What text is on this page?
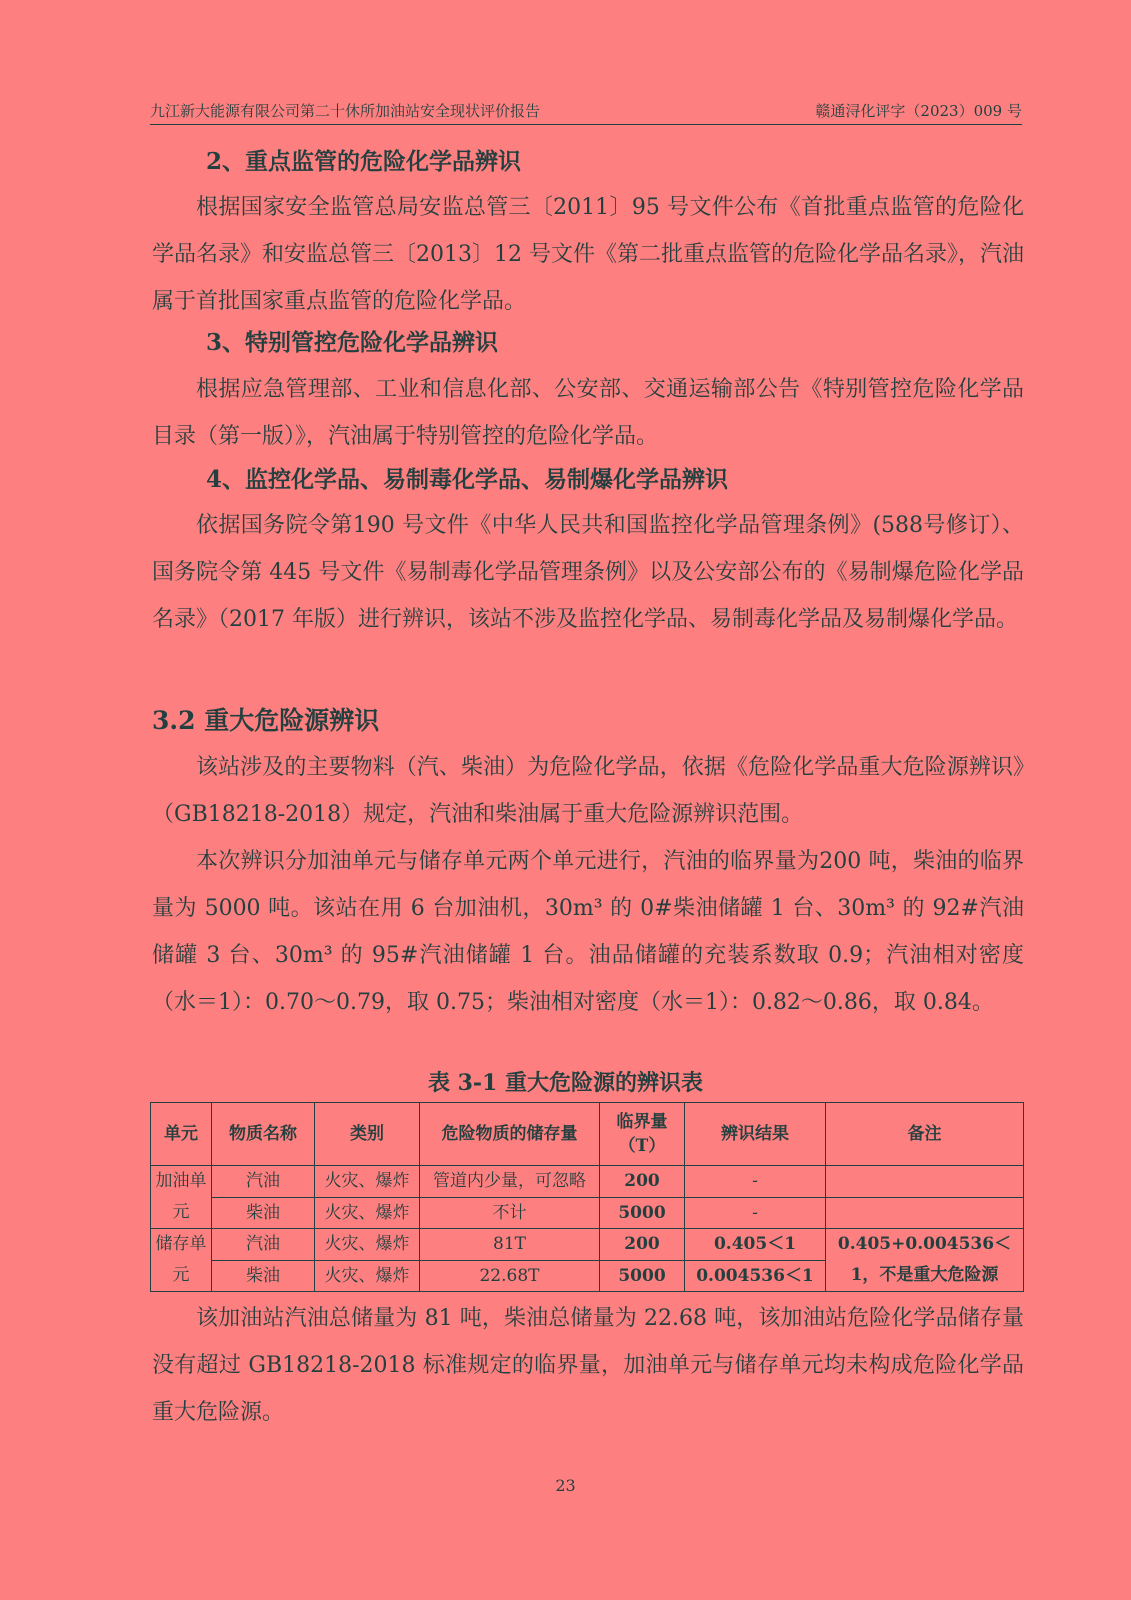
九江新大能源有限公司第二十休所加油站安全现状评价报告	赣通浔化评字（2023）009 号
2、重点监管的危险化学品辨识

根据国家安全监管总局安监总管三〔2011〕95 号文件公布《首批重点监管的危险化学品名录》和安监总管三〔2013〕12 号文件《第二批重点监管的危险化学品名录》，汽油属于首批国家重点监管的危险化学品。

3、特别管控危险化学品辨识

根据应急管理部、工业和信息化部、公安部、交通运输部公告《特别管控危险化学品目录（第一版）》，汽油属于特别管控的危险化学品。

4、监控化学品、易制毒化学品、易制爆化学品辨识

依据国务院令第190 号文件《中华人民共和国监控化学品管理条例》(588号修订）、国务院令第 445 号文件《易制毒化学品管理条例》以及公安部公布的《易制爆危险化学品名录》（2017 年版）进行辨识，该站不涉及监控化学品、易制毒化学品及易制爆化学品。

3.2 重大危险源辨识

该站涉及的主要物料（汽、柴油）为危险化学品，依据《危险化学品重大危险源辨识》（GB18218-2018）规定，汽油和柴油属于重大危险源辨识范围。

本次辨识分加油单元与储存单元两个单元进行，汽油的临界量为200 吨，柴油的临界量为 5000 吨。该站在用 6 台加油机，30m³ 的 0#柴油储罐 1 台、30m³ 的 92#汽油储罐 3 台、30m³ 的 95#汽油储罐 1 台。油品储罐的充装系数取 0.9；汽油相对密度（水＝1）：0.70～0.79，取 0.75；柴油相对密度（水＝1）：0.82～0.86，取 0.84。

表 3-1 重大危险源的辨识表
单元	物质名称	类别	危险物质的储存量	临界量（T）	辨识结果	备注
加油单元	汽油	火灾、爆炸	管道内少量，可忽略	200	-	
	柴油	火灾、爆炸	不计	5000	-	
储存单元	汽油	火灾、爆炸	81T	200	0.405＜1	0.405+0.004536＜1，不是重大危险源
	柴油	火灾、爆炸	22.68T	5000	0.004536＜1	

该加油站汽油总储量为 81 吨，柴油总储量为 22.68 吨，该加油站危险化学品储存量没有超过 GB18218-2018 标准规定的临界量，加油单元与储存单元均未构成危险化学品重大危险源。

23
